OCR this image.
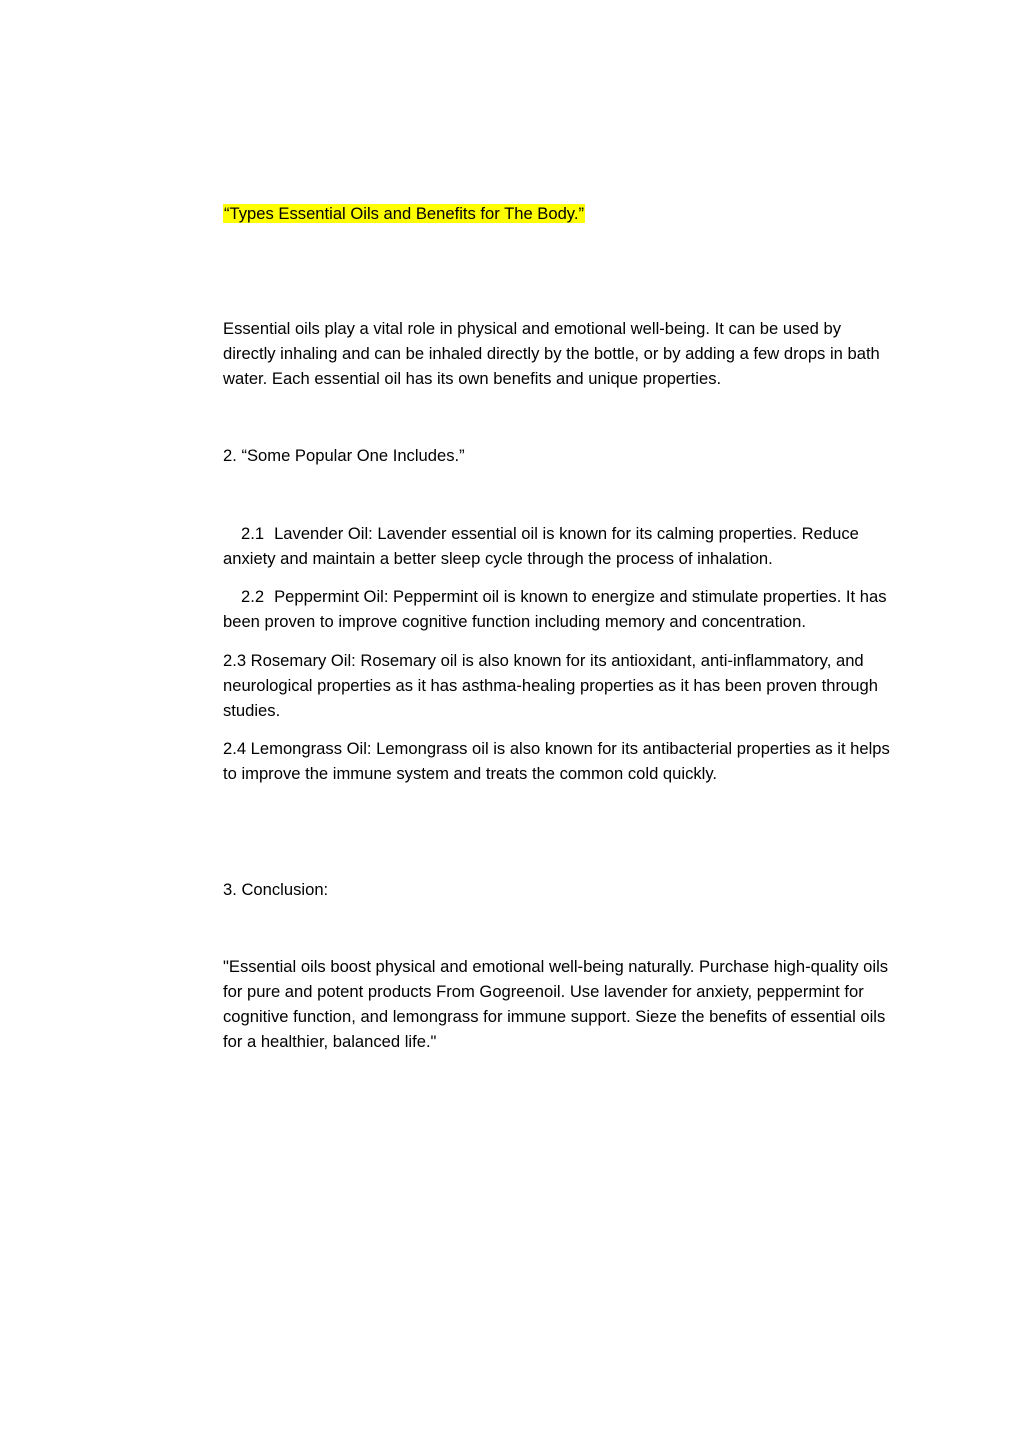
“Types Essential Oils and Benefits for The Body.”

Essential oils play a vital role in physical and emotional well-being. It can be used by directly inhaling and can be inhaled directly by the bottle, or by adding a few drops in bath water. Each essential oil has its own benefits and unique properties.

2. “Some Popular One Includes.”

2.1 Lavender Oil: Lavender essential oil is known for its calming properties. Reduce anxiety and maintain a better sleep cycle through the process of inhalation.

2.2 Peppermint Oil: Peppermint oil is known to energize and stimulate properties. It has been proven to improve cognitive function including memory and concentration.

2.3 Rosemary Oil: Rosemary oil is also known for its antioxidant, anti-inflammatory, and neurological properties as it has asthma-healing properties as it has been proven through studies.

2.4 Lemongrass Oil: Lemongrass oil is also known for its antibacterial properties as it helps to improve the immune system and treats the common cold quickly.

3. Conclusion:

"Essential oils boost physical and emotional well-being naturally. Purchase high-quality oils for pure and potent products From Gogreenoil. Use lavender for anxiety, peppermint for cognitive function, and lemongrass for immune support. Sieze the benefits of essential oils for a healthier, balanced life."
